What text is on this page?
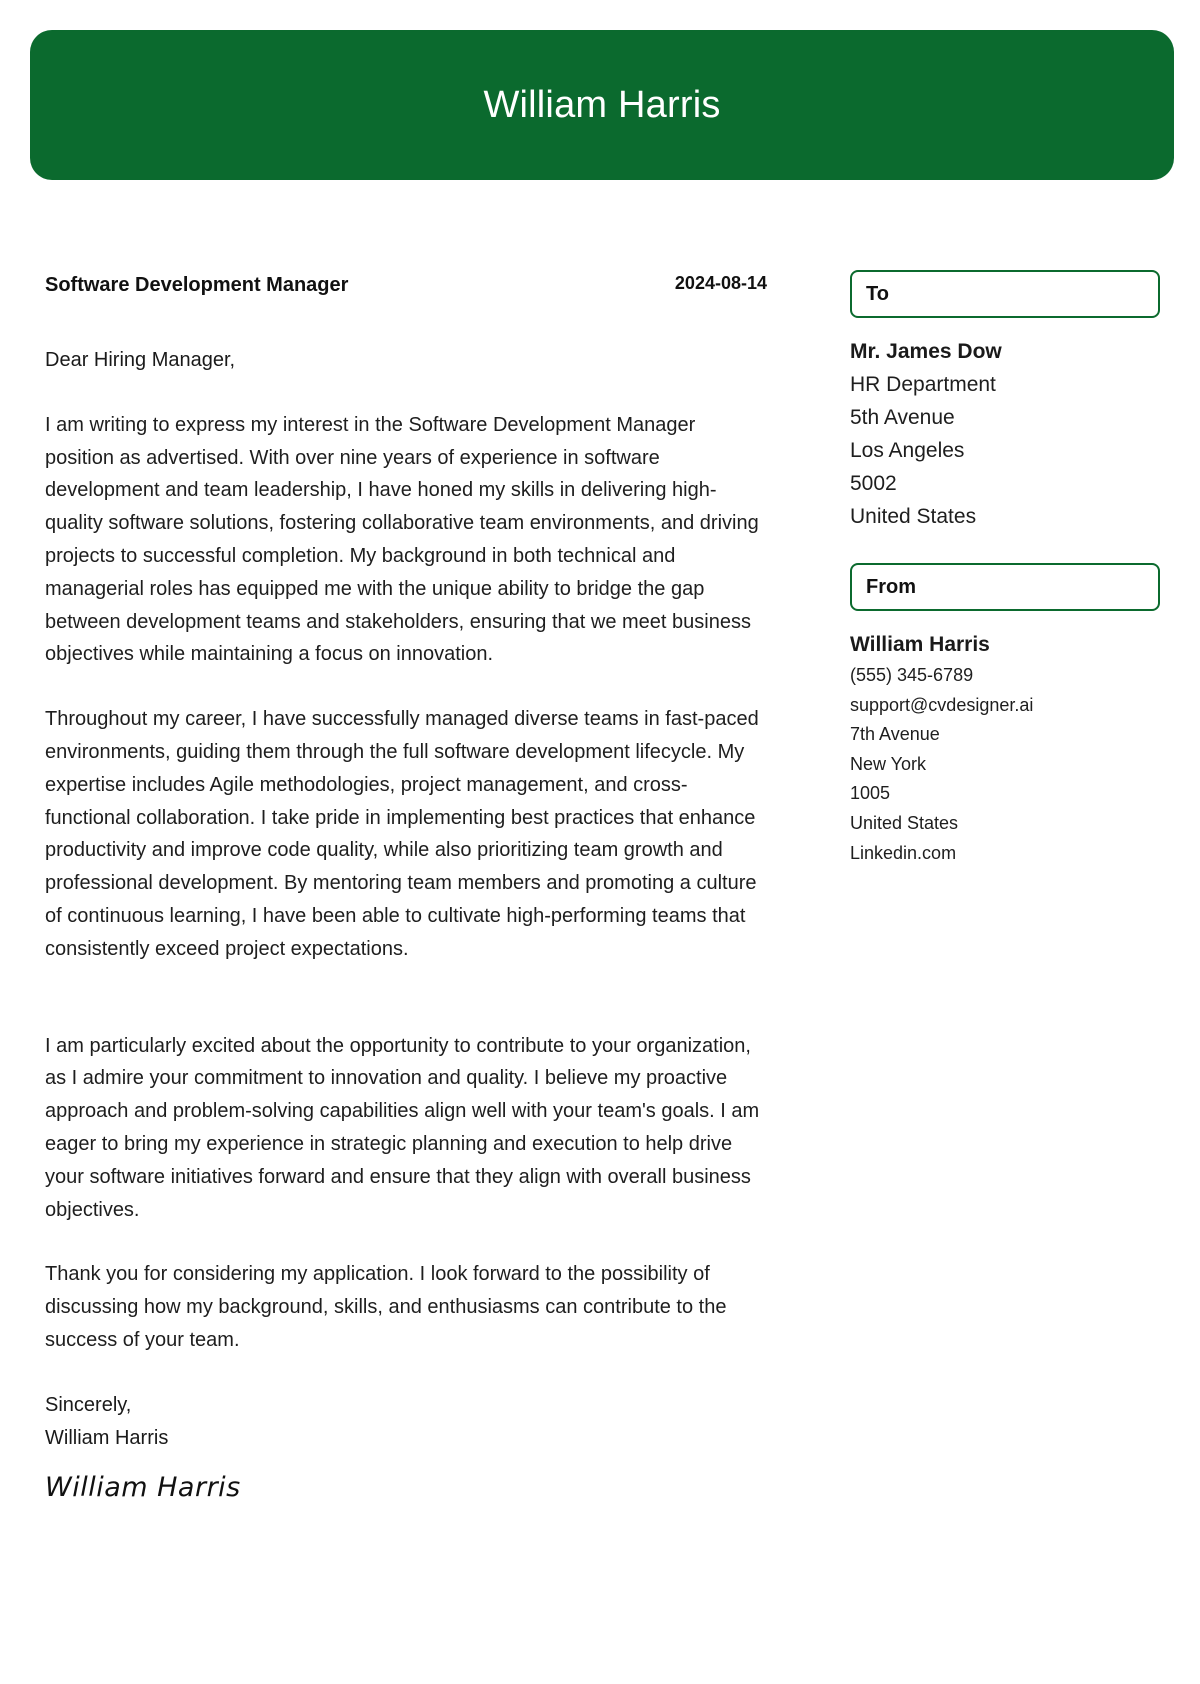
William Harris
Software Development Manager	2024-08-14
Dear Hiring Manager,

I am writing to express my interest in the Software Development Manager position as advertised. With over nine years of experience in software development and team leadership, I have honed my skills in delivering high-quality software solutions, fostering collaborative team environments, and driving projects to successful completion. My background in both technical and managerial roles has equipped me with the unique ability to bridge the gap between development teams and stakeholders, ensuring that we meet business objectives while maintaining a focus on innovation.

Throughout my career, I have successfully managed diverse teams in fast-paced environments, guiding them through the full software development lifecycle. My expertise includes Agile methodologies, project management, and cross-functional collaboration. I take pride in implementing best practices that enhance productivity and improve code quality, while also prioritizing team growth and professional development. By mentoring team members and promoting a culture of continuous learning, I have been able to cultivate high-performing teams that consistently exceed project expectations.

I am particularly excited about the opportunity to contribute to your organization, as I admire your commitment to innovation and quality. I believe my proactive approach and problem-solving capabilities align well with your team's goals. I am eager to bring my experience in strategic planning and execution to help drive your software initiatives forward and ensure that they align with overall business objectives.

Thank you for considering my application. I look forward to the possibility of discussing how my background, skills, and enthusiasms can contribute to the success of your team.

Sincerely,
William Harris
William Harris
To
Mr. James Dow
HR Department
5th Avenue
Los Angeles
5002
United States
From
William Harris
(555) 345-6789
support@cvdesigner.ai
7th Avenue
New York
1005
United States
Linkedin.com
